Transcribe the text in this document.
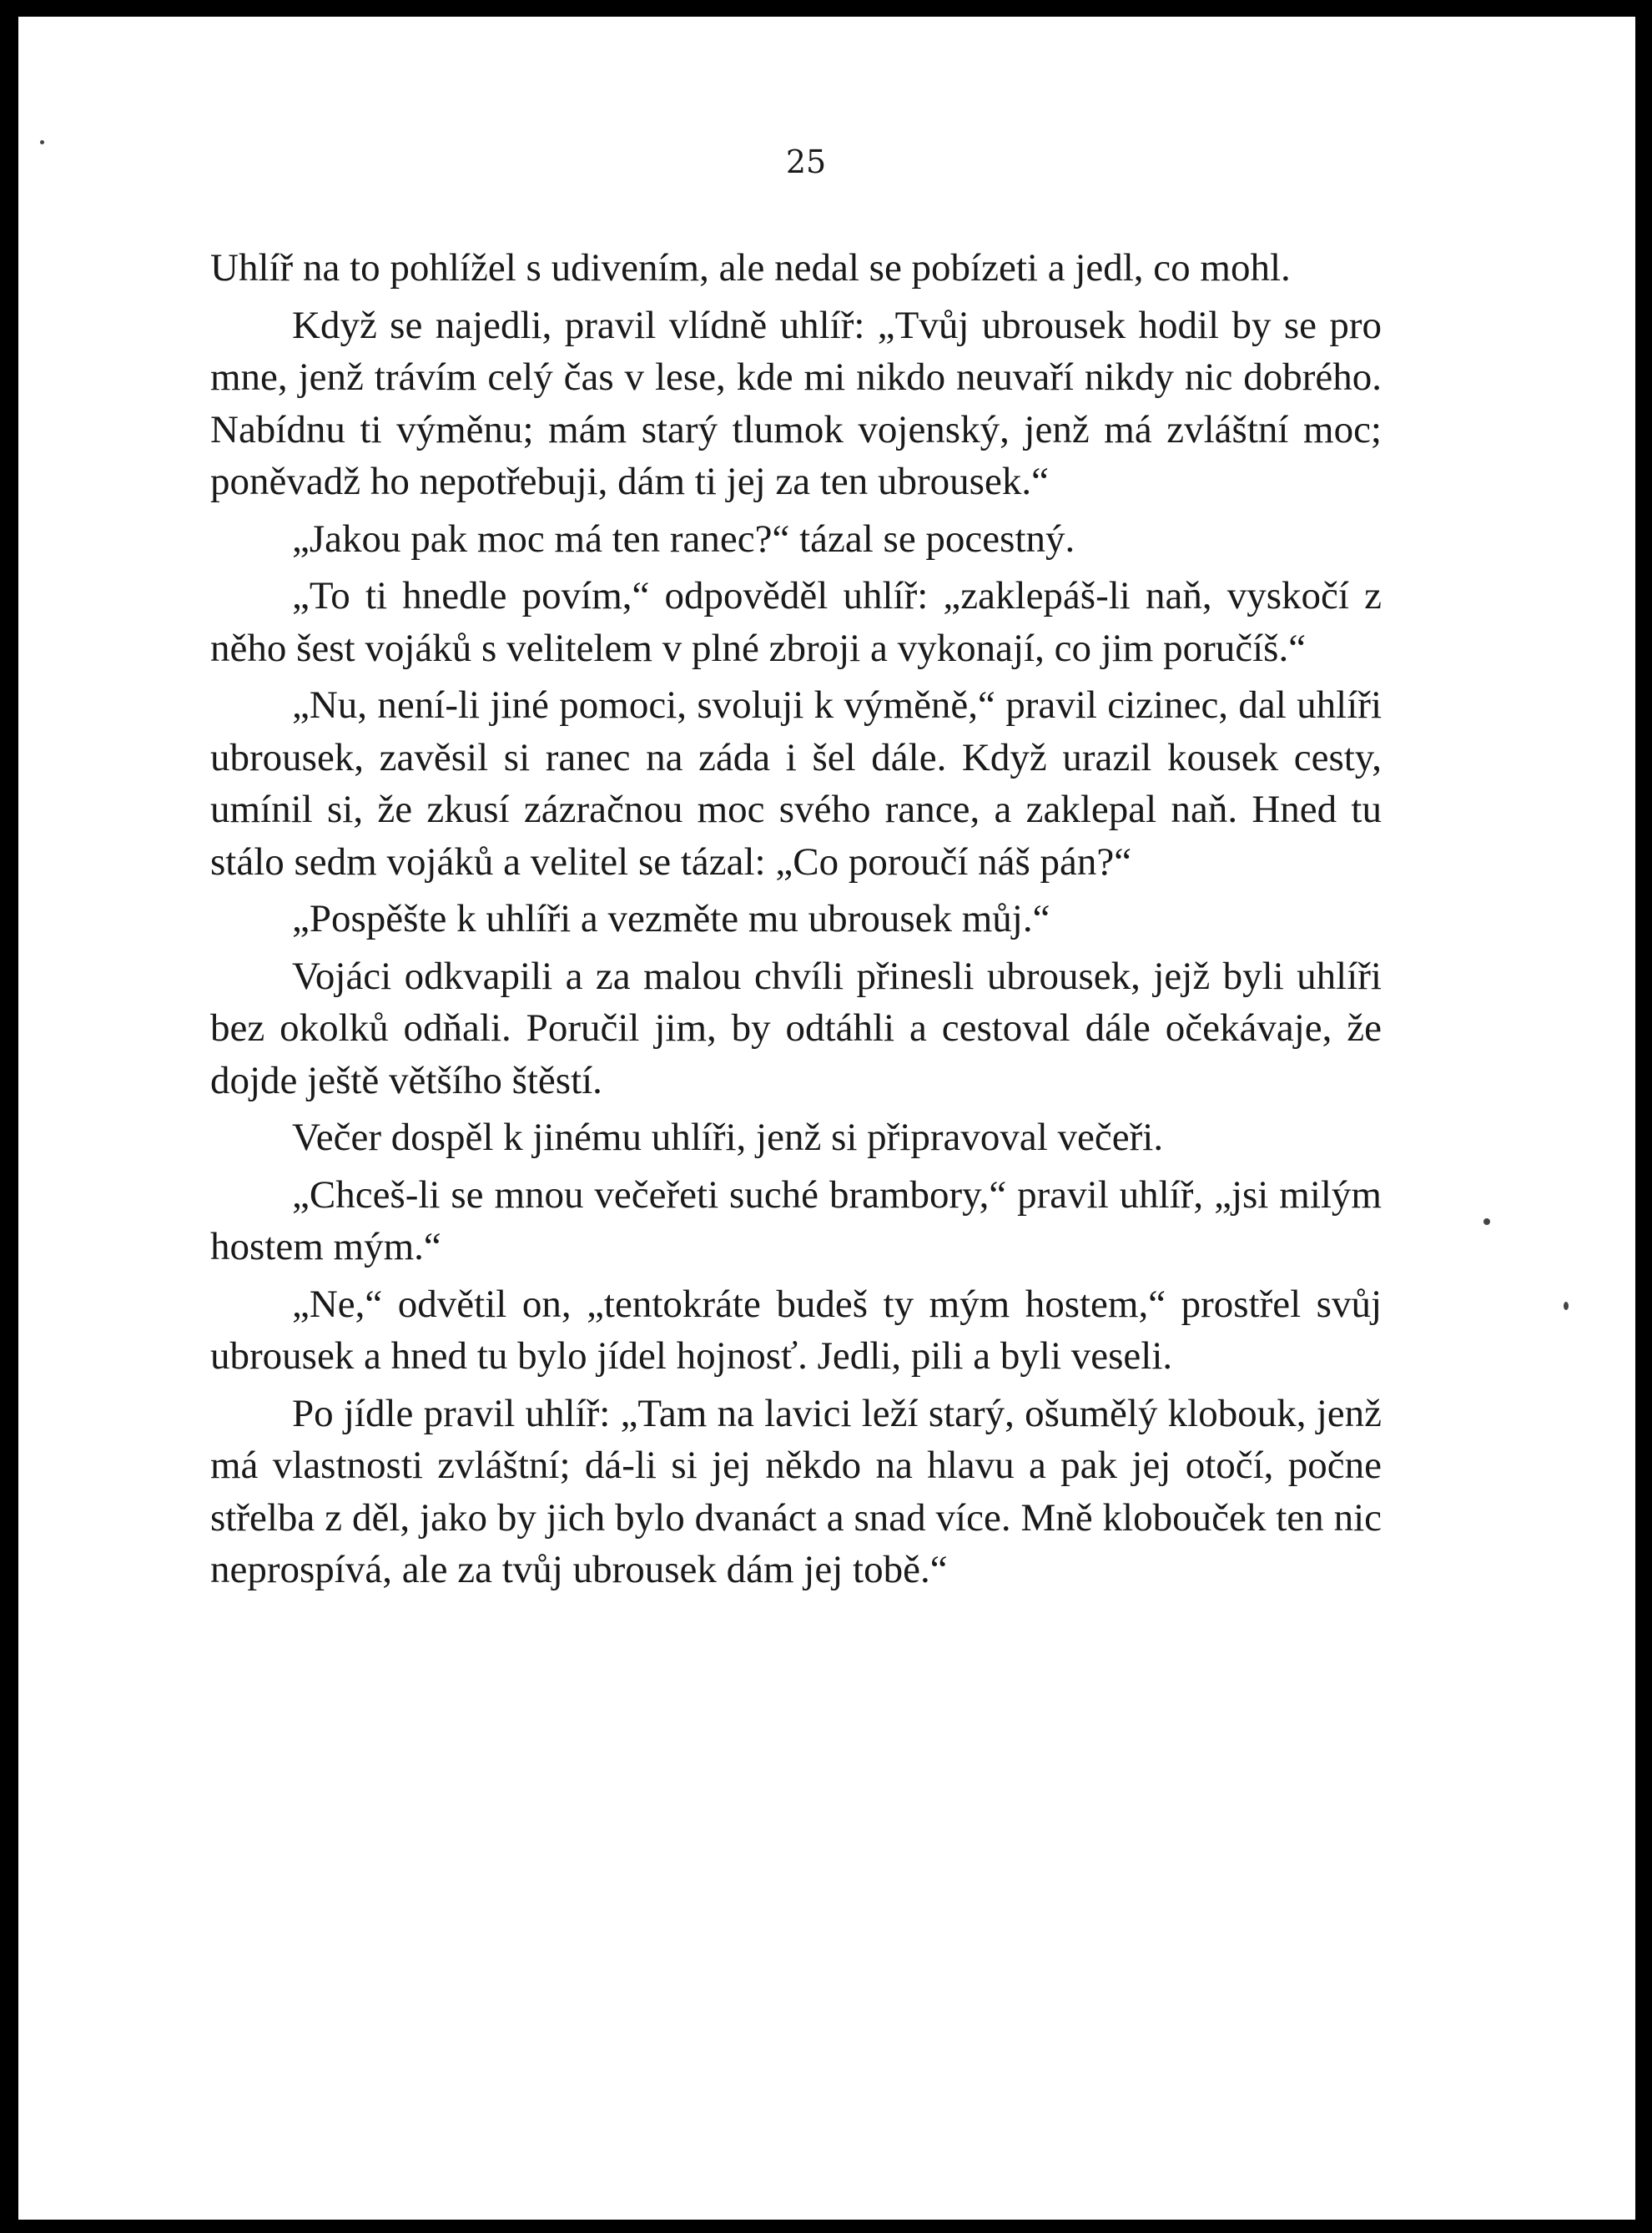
25

Uhlíř na to pohlížel s udivením, ale nedal se pobízeti a jedl, co mohl.

Když se najedli, pravil vlídně uhlíř: „Tvůj ubrousek hodil by se pro mne, jenž trávím celý čas v lese, kde mi nikdo neuvaří nikdy nic dobrého. Nabídnu ti výměnu; mám starý tlumok vojenský, jenž má zvláštní moc; poněvadž ho nepotřebuji, dám ti jej za ten ubrousek.“

„Jakou pak moc má ten ranec?“ tázal se pocestný.

„To ti hnedle povím,“ odpověděl uhlíř: „zaklepáš-li naň, vyskočí z něho šest vojáků s velitelem v plné zbroji a vykonají, co jim poručíš.“

„Nu, není-li jiné pomoci, svoluji k výměně,“ pravil cizinec, dal uhlíři ubrousek, zavěsil si ranec na záda i šel dále. Když urazil kousek cesty, umínil si, že zkusí zázračnou moc svého rance, a zaklepal naň. Hned tu stálo sedm vojáků a velitel se tázal: „Co poroučí náš pán?“

„Pospěšte k uhlíři a vezměte mu ubrousek můj.“

Vojáci odkvapili a za malou chvíli přinesli ubrousek, jejž byli uhlíři bez okolků odňali. Poručil jim, by odtáhli a cestoval dále očekávaje, že dojde ještě většího štěstí.

Večer dospěl k jinému uhlíři, jenž si připravoval večeři.

„Chceš-li se mnou večeřeti suché brambory,“ pravil uhlíř, „jsi milým hostem mým.“

„Ne,“ odvětil on, „tentokráte budeš ty mým hostem,“ prostřel svůj ubrousek a hned tu bylo jídel hojnosť. Jedli, pili a byli veseli.

Po jídle pravil uhlíř: „Tam na lavici leží starý, ošumělý klobouk, jenž má vlastnosti zvláštní; dá-li si jej někdo na hlavu a pak jej otočí, počne střelba z děl, jako by jich bylo dvanáct a snad více. Mně klobouček ten nic neprospívá, ale za tvůj ubrousek dám jej tobě.“
